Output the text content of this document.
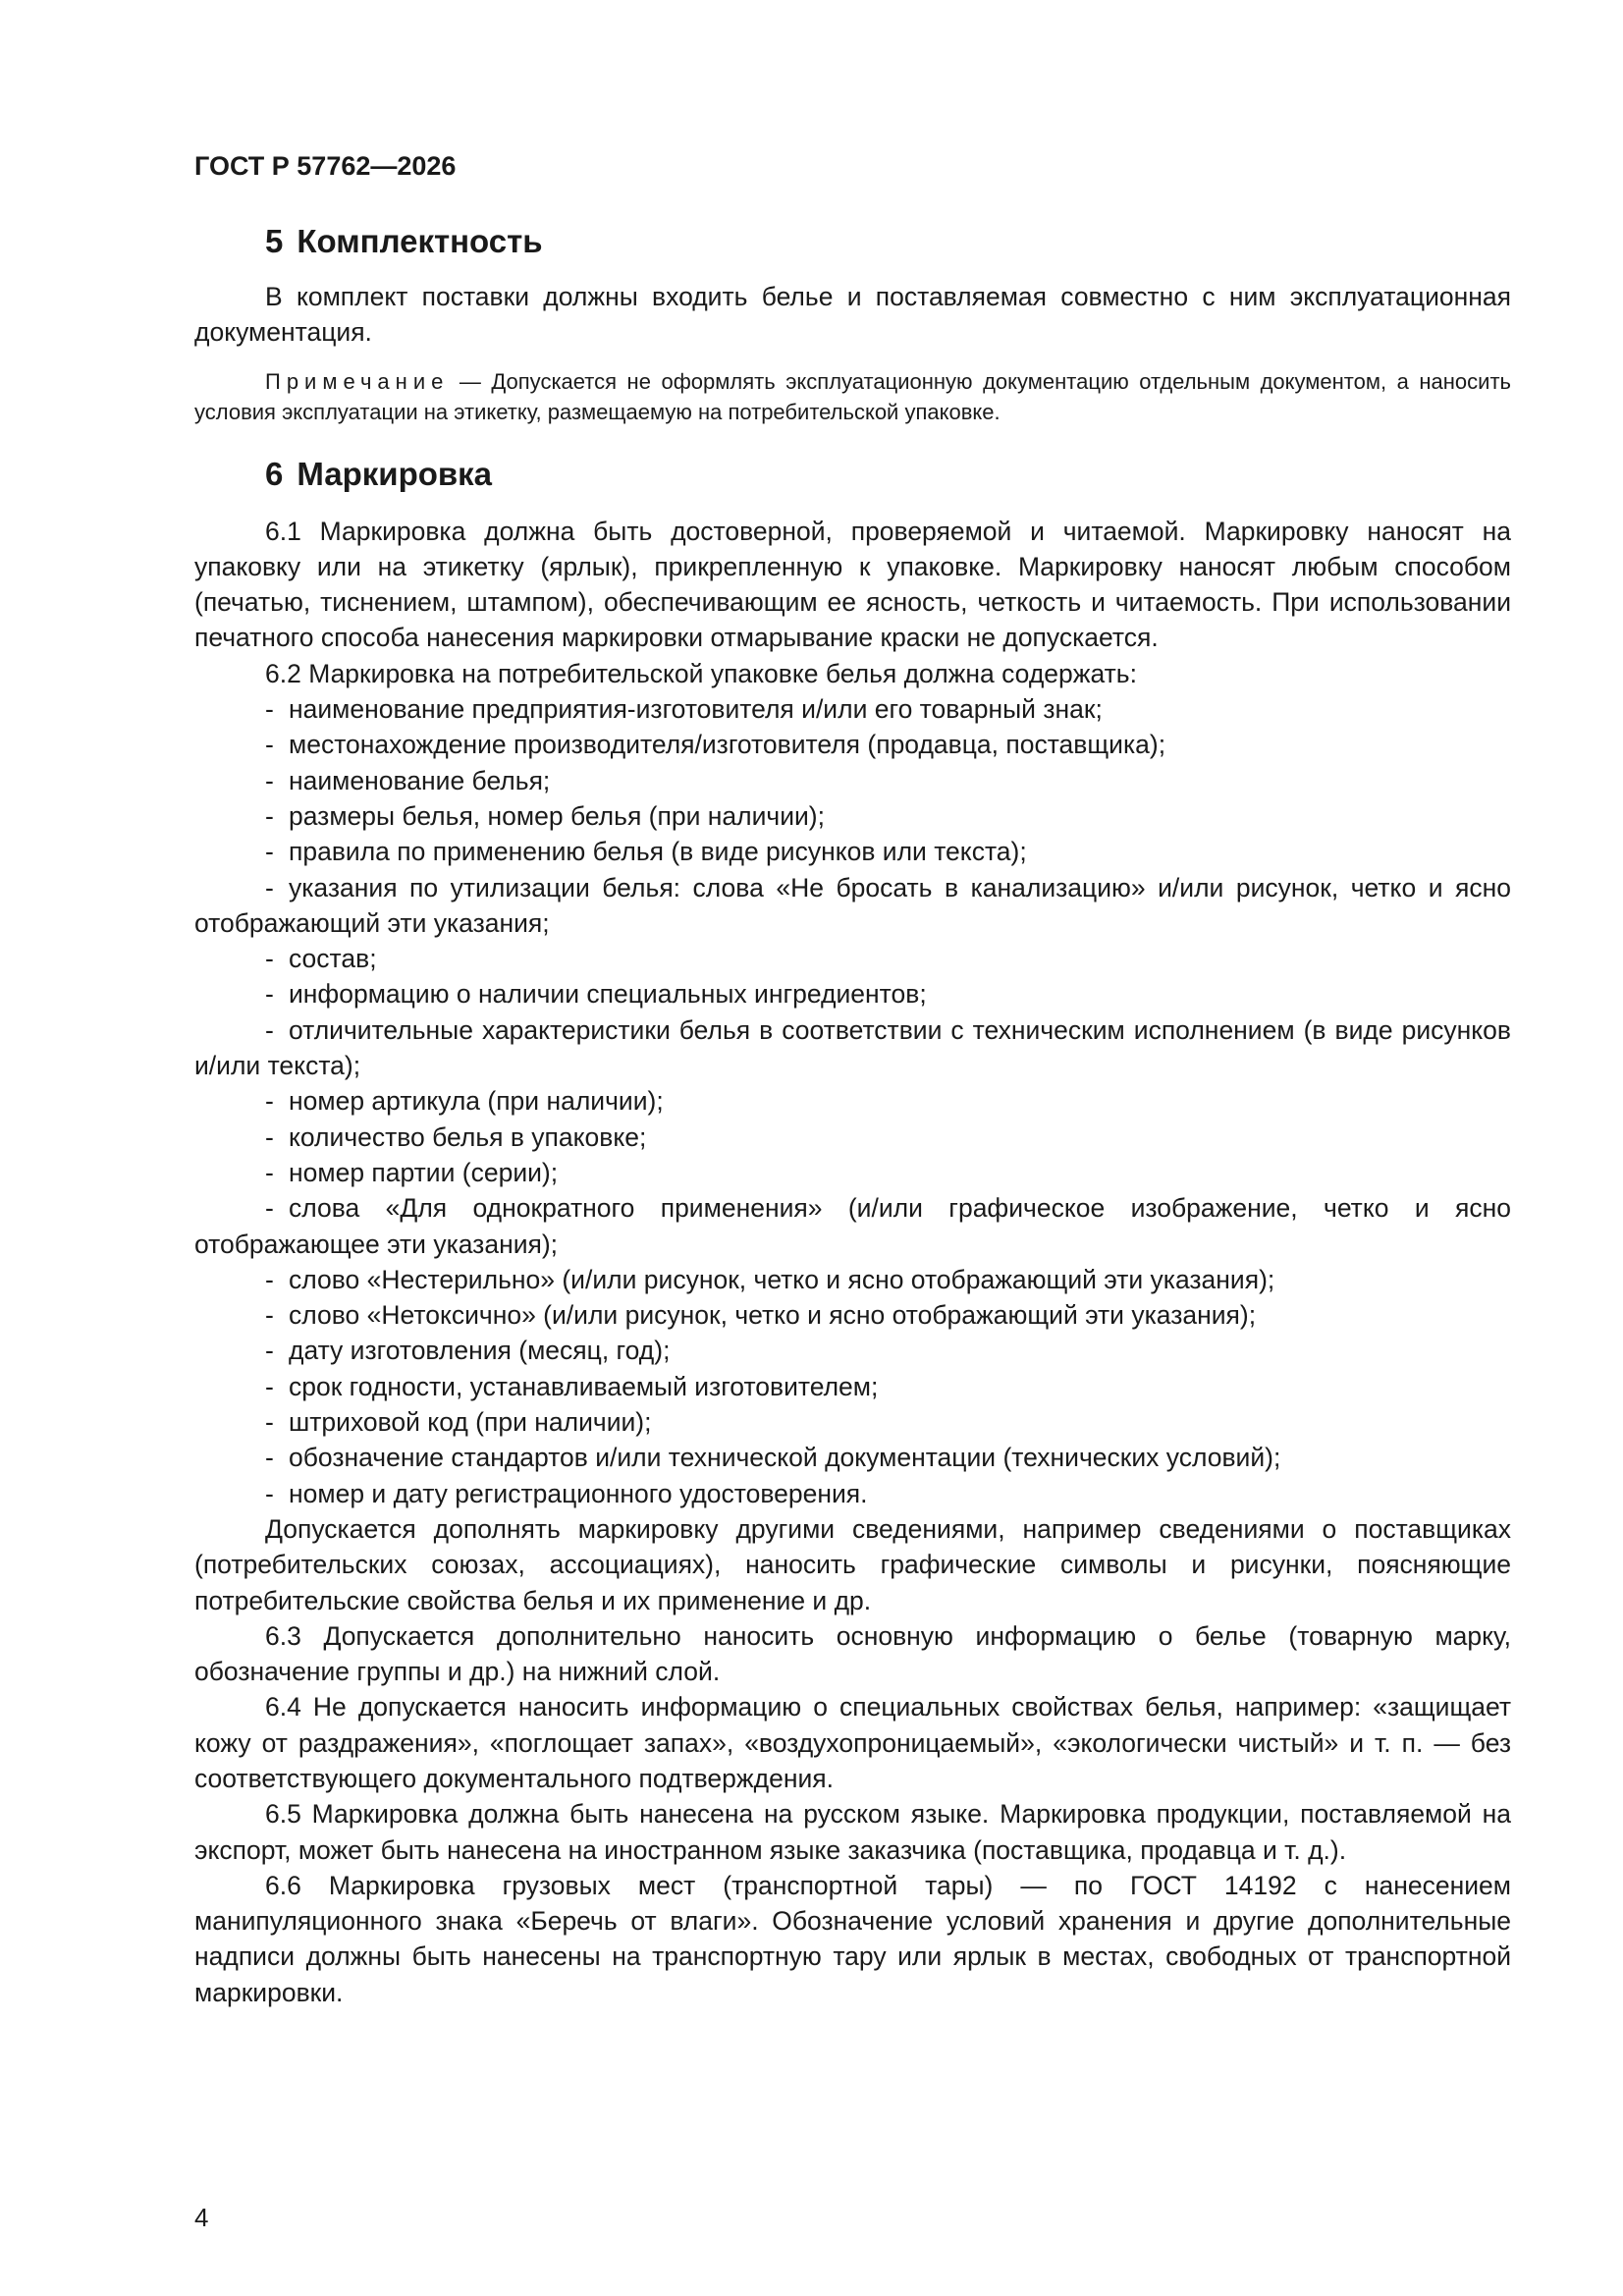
ГОСТ Р 57762—2026
5 Комплектность

В комплект поставки должны входить белье и поставляемая совместно с ним эксплуатационная документация.

Примечание — Допускается не оформлять эксплуатационную документацию отдельным документом, а наносить условия эксплуатации на этикетку, размещаемую на потребительской упаковке.

6 Маркировка

6.1 Маркировка должна быть достоверной, проверяемой и читаемой. Маркировку наносят на упаковку или на этикетку (ярлык), прикрепленную к упаковке. Маркировку наносят любым способом (печатью, тиснением, штампом), обеспечивающим ее ясность, четкость и читаемость. При использовании печатного способа нанесения маркировки отмарывание краски не допускается.

6.2 Маркировка на потребительской упаковке белья должна содержать:

- наименование предприятия-изготовителя и/или его товарный знак;
- местонахождение производителя/изготовителя (продавца, поставщика);
- наименование белья;
- размеры белья, номер белья (при наличии);
- правила по применению белья (в виде рисунков или текста);
- указания по утилизации белья: слова «Не бросать в канализацию» и/или рисунок, четко и ясно отображающий эти указания;
- состав;
- информацию о наличии специальных ингредиентов;
- отличительные характеристики белья в соответствии с техническим исполнением (в виде рисунков и/или текста);
- номер артикула (при наличии);
- количество белья в упаковке;
- номер партии (серии);
- слова «Для однократного применения» (и/или графическое изображение, четко и ясно отображающее эти указания);
- слово «Нестерильно» (и/или рисунок, четко и ясно отображающий эти указания);
- слово «Нетоксично» (и/или рисунок, четко и ясно отображающий эти указания);
- дату изготовления (месяц, год);
- срок годности, устанавливаемый изготовителем;
- штриховой код (при наличии);
- обозначение стандартов и/или технической документации (технических условий);
- номер и дату регистрационного удостоверения.

Допускается дополнять маркировку другими сведениями, например сведениями о поставщиках (потребительских союзах, ассоциациях), наносить графические символы и рисунки, поясняющие потребительские свойства белья и их применение и др.

6.3 Допускается дополнительно наносить основную информацию о белье (товарную марку, обозначение группы и др.) на нижний слой.

6.4 Не допускается наносить информацию о специальных свойствах белья, например: «защищает кожу от раздражения», «поглощает запах», «воздухопроницаемый», «экологически чистый» и т. п. — без соответствующего документального подтверждения.

6.5 Маркировка должна быть нанесена на русском языке. Маркировка продукции, поставляемой на экспорт, может быть нанесена на иностранном языке заказчика (поставщика, продавца и т. д.).

6.6 Маркировка грузовых мест (транспортной тары) — по ГОСТ 14192 с нанесением манипуляционного знака «Беречь от влаги». Обозначение условий хранения и другие дополнительные надписи должны быть нанесены на транспортную тару или ярлык в местах, свободных от транспортной маркировки.

4
